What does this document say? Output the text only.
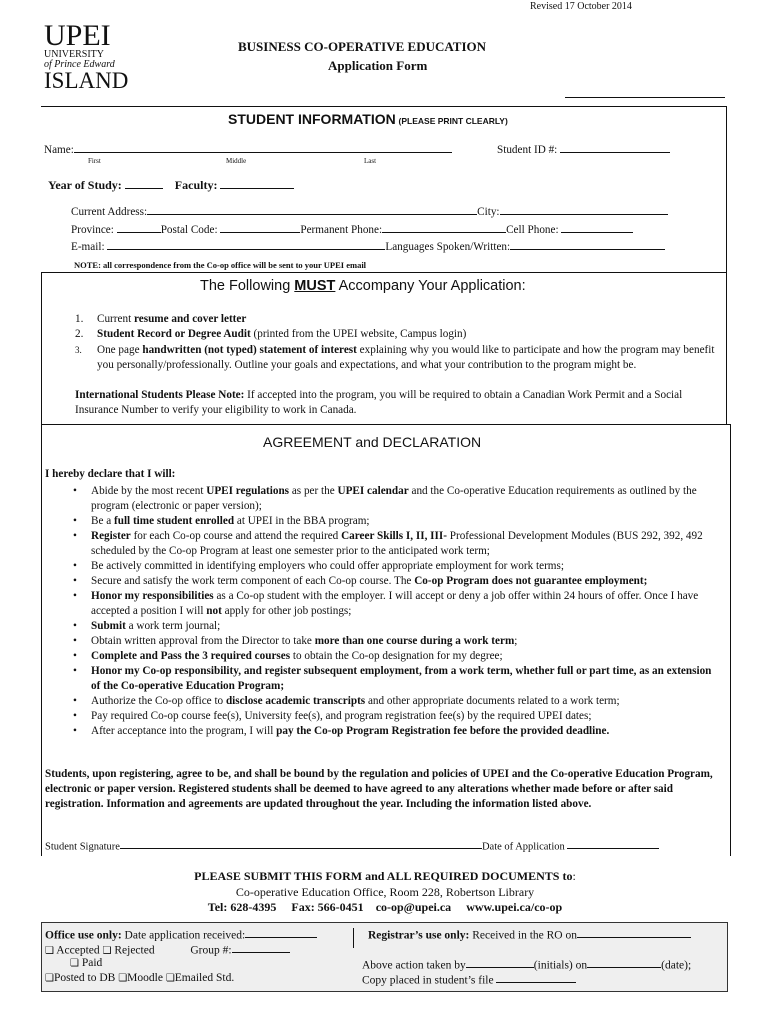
Revised 17 October 2014
UPEI
UNIVERSITY
of Prince Edward
ISLAND
BUSINESS CO-OPERATIVE EDUCATION
Application Form
STUDENT INFORMATION (PLEASE PRINT CLEARLY)
Name:
First	Middle	Last
Student ID #:
Year of Study:	Faculty:
Current Address:	City:
Province:	Postal Code:	Permanent Phone:	Cell Phone:
E-mail:	Languages Spoken/Written:
NOTE: all correspondence from the Co-op office will be sent to your UPEI email
The Following MUST Accompany Your Application:
1. Current resume and cover letter
2. Student Record or Degree Audit (printed from the UPEI website, Campus login)
3. One page handwritten (not typed) statement of interest explaining why you would like to participate and how the program may benefit you personally/professionally. Outline your goals and expectations, and what your contribution to the program might be.
International Students Please Note: If accepted into the program, you will be required to obtain a Canadian Work Permit and a Social Insurance Number to verify your eligibility to work in Canada.
AGREEMENT and DECLARATION
I hereby declare that I will:
• Abide by the most recent UPEI regulations as per the UPEI calendar and the Co-operative Education requirements as outlined by the program (electronic or paper version);
• Be a full time student enrolled at UPEI in the BBA program;
• Register for each Co-op course and attend the required Career Skills I, II, III- Professional Development Modules (BUS 292, 392, 492 scheduled by the Co-op Program at least one semester prior to the anticipated work term;
• Be actively committed in identifying employers who could offer appropriate employment for work terms;
• Secure and satisfy the work term component of each Co-op course. The Co-op Program does not guarantee employment;
• Honor my responsibilities as a Co-op student with the employer. I will accept or deny a job offer within 24 hours of offer. Once I have accepted a position I will not apply for other job postings;
• Submit a work term journal;
• Obtain written approval from the Director to take more than one course during a work term;
• Complete and Pass the 3 required courses to obtain the Co-op designation for my degree;
• Honor my Co-op responsibility, and register subsequent employment, from a work term, whether full or part time, as an extension of the Co-operative Education Program;
• Authorize the Co-op office to disclose academic transcripts and other appropriate documents related to a work term;
• Pay required Co-op course fee(s), University fee(s), and program registration fee(s) by the required UPEI dates;
• After acceptance into the program, I will pay the Co-op Program Registration fee before the provided deadline.
Students, upon registering, agree to be, and shall be bound by the regulation and policies of UPEI and the Co-operative Education Program, electronic or paper version. Registered students shall be deemed to have agreed to any alterations whether made before or after said registration. Information and agreements are updated throughout the year. Including the information listed above.
Student Signature	Date of Application
PLEASE SUBMIT THIS FORM and ALL REQUIRED DOCUMENTS to:
Co-operative Education Office, Room 228, Robertson Library
Tel: 628-4395 Fax: 566-0451 co-op@upei.ca www.upei.ca/co-op
Office use only: Date application received:
❏ Accepted ❏ Rejected	Group #:
❏ Paid
❏Posted to DB ❏Moodle ❏Emailed Std.
Registrar’s use only: Received in the RO on
Above action taken by	(initials) on	(date);
Copy placed in student’s file
